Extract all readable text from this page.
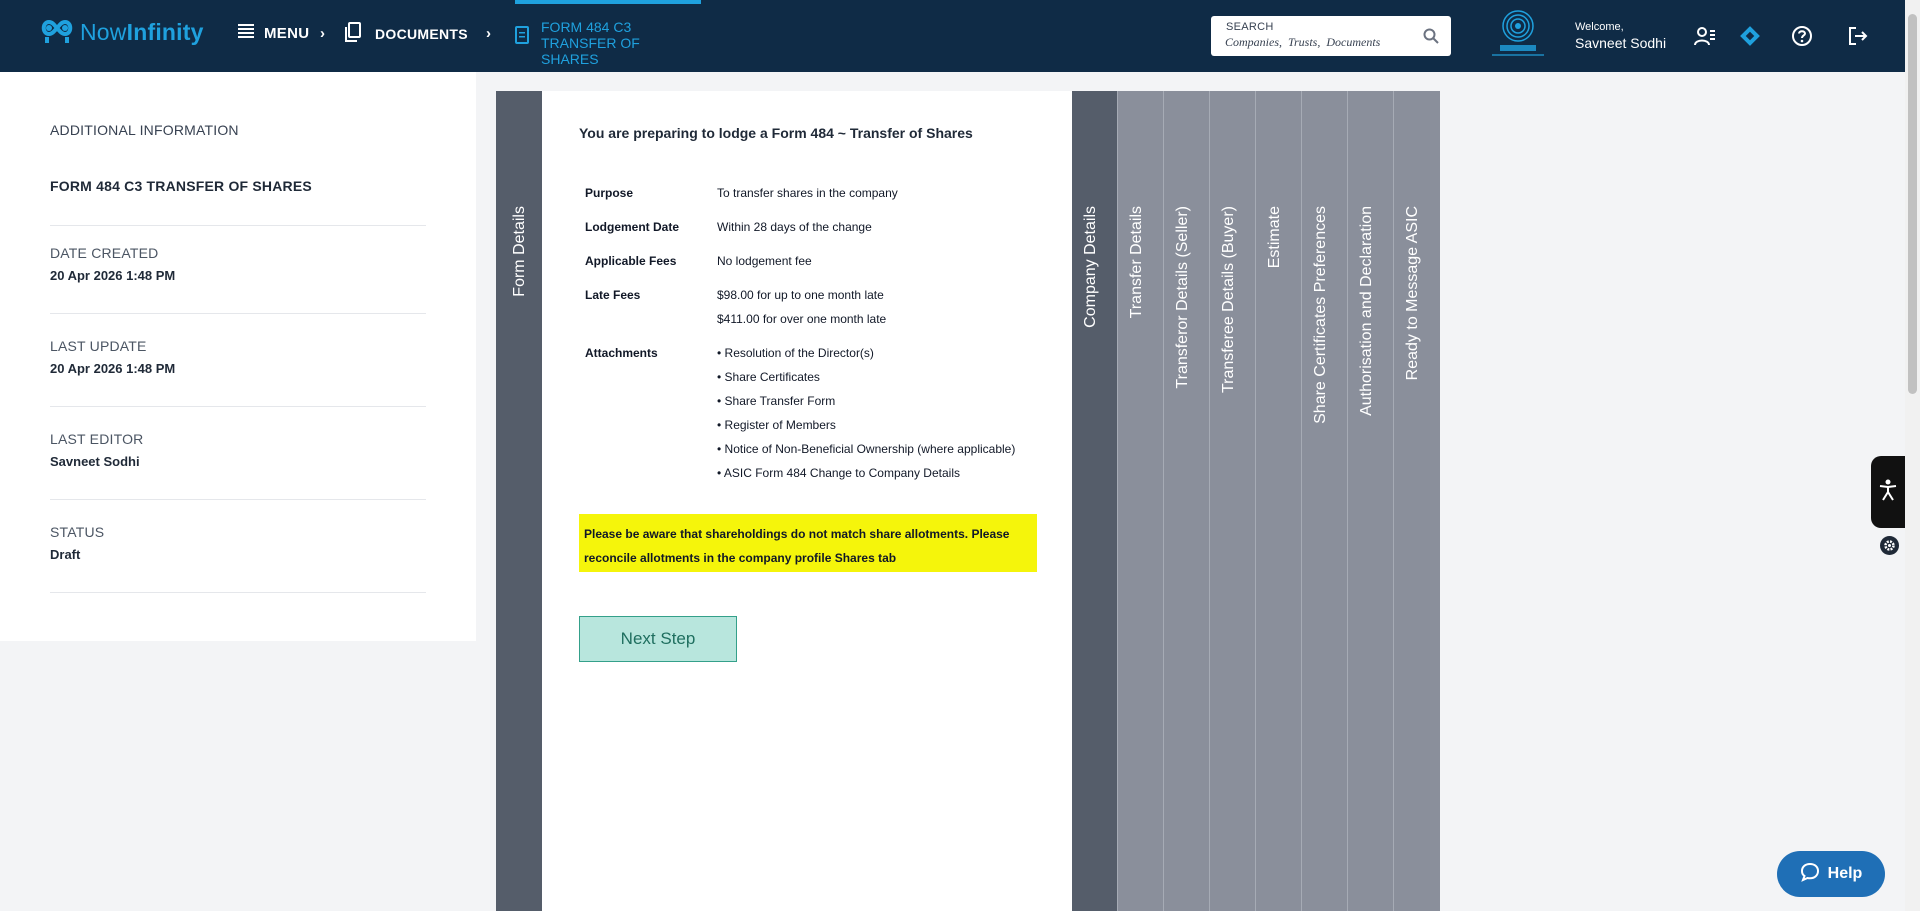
NowInfinity	MENU ›	DOCUMENTS ›	FORM 484 C3 TRANSFER OF SHARES
SEARCH
Companies, Trusts, Documents	Welcome,
Savneet Sodhi
ADDITIONAL INFORMATION
FORM 484 C3 TRANSFER OF SHARES
DATE CREATED
20 Apr 2026 1:48 PM
LAST UPDATE
20 Apr 2026 1:48 PM
LAST EDITOR
Savneet Sodhi
STATUS
Draft
Form Details
You are preparing to lodge a Form 484 ~ Transfer of Shares
Purpose	To transfer shares in the company
Lodgement Date	Within 28 days of the change
Applicable Fees	No lodgement fee
Late Fees	$98.00 for up to one month late
$411.00 for over one month late
Attachments	• Resolution of the Director(s)
• Share Certificates
• Share Transfer Form
• Register of Members
• Notice of Non-Beneficial Ownership (where applicable)
• ASIC Form 484 Change to Company Details
Please be aware that shareholdings do not match share allotments. Please reconcile allotments in the company profile Shares tab
Next Step
Company Details Transfer Details Transferor Details (Seller) Transferee Details (Buyer) Estimate Share Certificates Preferences Authorisation and Declaration Ready to Message ASIC
Help
